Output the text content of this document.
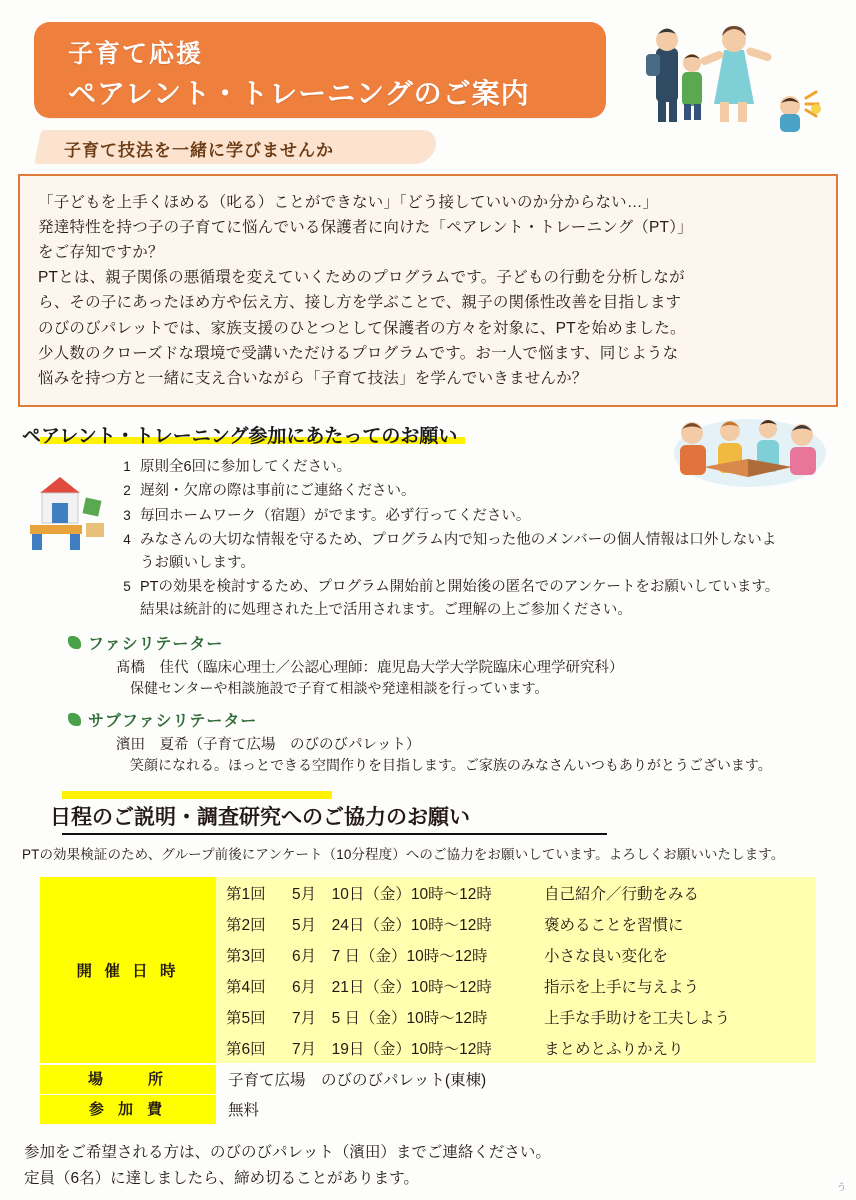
子育て応援
ペアレント・トレーニングのご案内
子育て技法を一緒に学びませんか

「子どもを上手くほめる（叱る）ことができない」「どう接していいのか分からない…」

発達特性を持つ子の子育てに悩んでいる保護者に向けた「ペアレント・トレーニング（PT）」

をご存知ですか？

PTとは、親子関係の悪循環を変えていくためのプログラムです。子どもの行動を分析しなが

ら、その子にあったほめ方や伝え方、接し方を学ぶことで、親子の関係性改善を目指します

のびのびパレットでは、家族支援のひとつとして保護者の方々を対象に、PTを始めました。

少人数のクローズドな環境で受講いただけるプログラムです。お一人で悩ます、同じような

悩みを持つ方と一緒に支え合いながら「子育て技法」を学んでいきませんか？

ペアレント・トレーニング参加にあたってのお願い
1 原則全6回に参加してください。
2 遅刻・欠席の際は事前にご連絡ください。
3 毎回ホームワーク（宿題）がでます。必ず行ってください。
4 みなさんの大切な情報を守るため、プログラム内で知った他のメンバーの個人情報は口外しないよ
うお願いします。
5 PTの効果を検討するため、プログラム開始前と開始後の匿名でのアンケートをお願いしています。
結果は統計的に処理された上で活用されます。ご理解の上ご参加ください。
ファシリテーター
髙橋　佳代（臨床心理士／公認心理師：鹿児島大学大学院臨床心理学研究科）
保健センターや相談施設で子育て相談や発達相談を行っています。
サブファシリテーター
濱田　夏希（子育て広場　のびのびパレット）
笑顔になれる。ほっとできる空間作りを目指します。ご家族のみなさんいつもありがとうございます。
日程のご説明・調査研究へのご協力のお願い
PTの効果検証のため、グループ前後にアンケート（10分程度）へのご協力をお願いしています。よろしくお願いいたします。
開 催 日 時	
第1回	5月　10日（金）10時～12時	自己紹介／行動をみる
第2回	5月　24日（金）10時～12時	褒めることを習慣に
第3回	6月　7 日（金）10時～12時	小さな良い変化を
第4回	6月　21日（金）10時～12時	指示を上手に与えよう
第5回	7月　5 日（金）10時～12時	上手な手助けを工夫しよう
第6回	7月　19日（金）10時～12時	まとめとふりかえり
場　　所	子育て広場　のびのびパレット(東棟)
参 加 費	無料
参加をご希望される方は、のびのびパレット（濱田）までご連絡ください。
定員（6名）に達しましたら、締め切ることがあります。	ぅ
